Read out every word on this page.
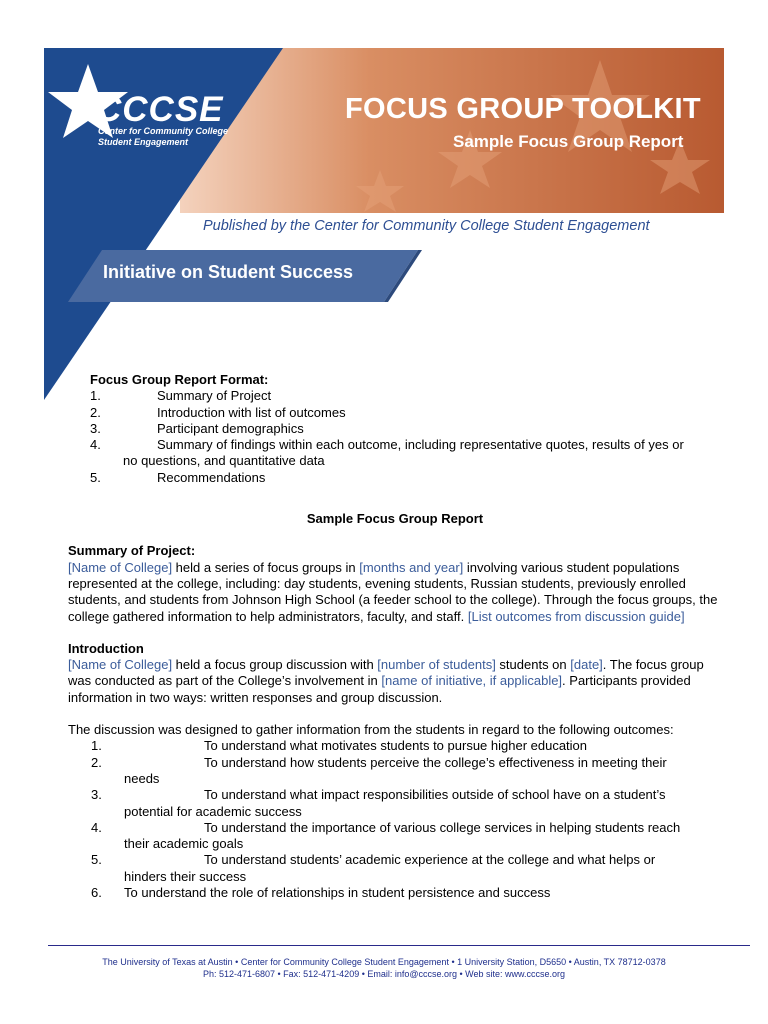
CCCSE
Center for Community College
Student Engagement
FOCUS GROUP TOOLKIT
Sample Focus Group Report
Published by the Center for Community College Student Engagement
Initiative on Student Success
Focus Group Report Format:
1.	Summary of Project
2.	Introduction with list of outcomes
3.	Participant demographics
4.	Summary of findings within each outcome, including representative quotes, results of yes or
no questions, and quantitative data
5.	Recommendations
Sample Focus Group Report
Summary of Project:
[Name of College] held a series of focus groups in [months and year] involving various student populations represented at the college, including: day students, evening students, Russian students, previously enrolled students, and students from Johnson High School (a feeder school to the college). Through the focus groups, the college gathered information to help administrators, faculty, and staff. [List outcomes from discussion guide]
Introduction
[Name of College] held a focus group discussion with [number of students] students on [date]. The focus group was conducted as part of the College’s involvement in [name of initiative, if applicable]. Participants provided information in two ways: written responses and group discussion.
The discussion was designed to gather information from the students in regard to the following outcomes:
1.	To understand what motivates students to pursue higher education
2.	To understand how students perceive the college’s effectiveness in meeting their
needs
3.	To understand what impact responsibilities outside of school have on a student’s
potential for academic success
4.	To understand the importance of various college services in helping students reach
their academic goals
5.	To understand students’ academic experience at the college and what helps or
hinders their success
6. To understand the role of relationships in student persistence and success
The University of Texas at Austin • Center for Community College Student Engagement • 1 University Station, D5650 • Austin, TX 78712-0378
Ph: 512-471-6807 • Fax: 512-471-4209 • Email: info@cccse.org • Web site: www.cccse.org
